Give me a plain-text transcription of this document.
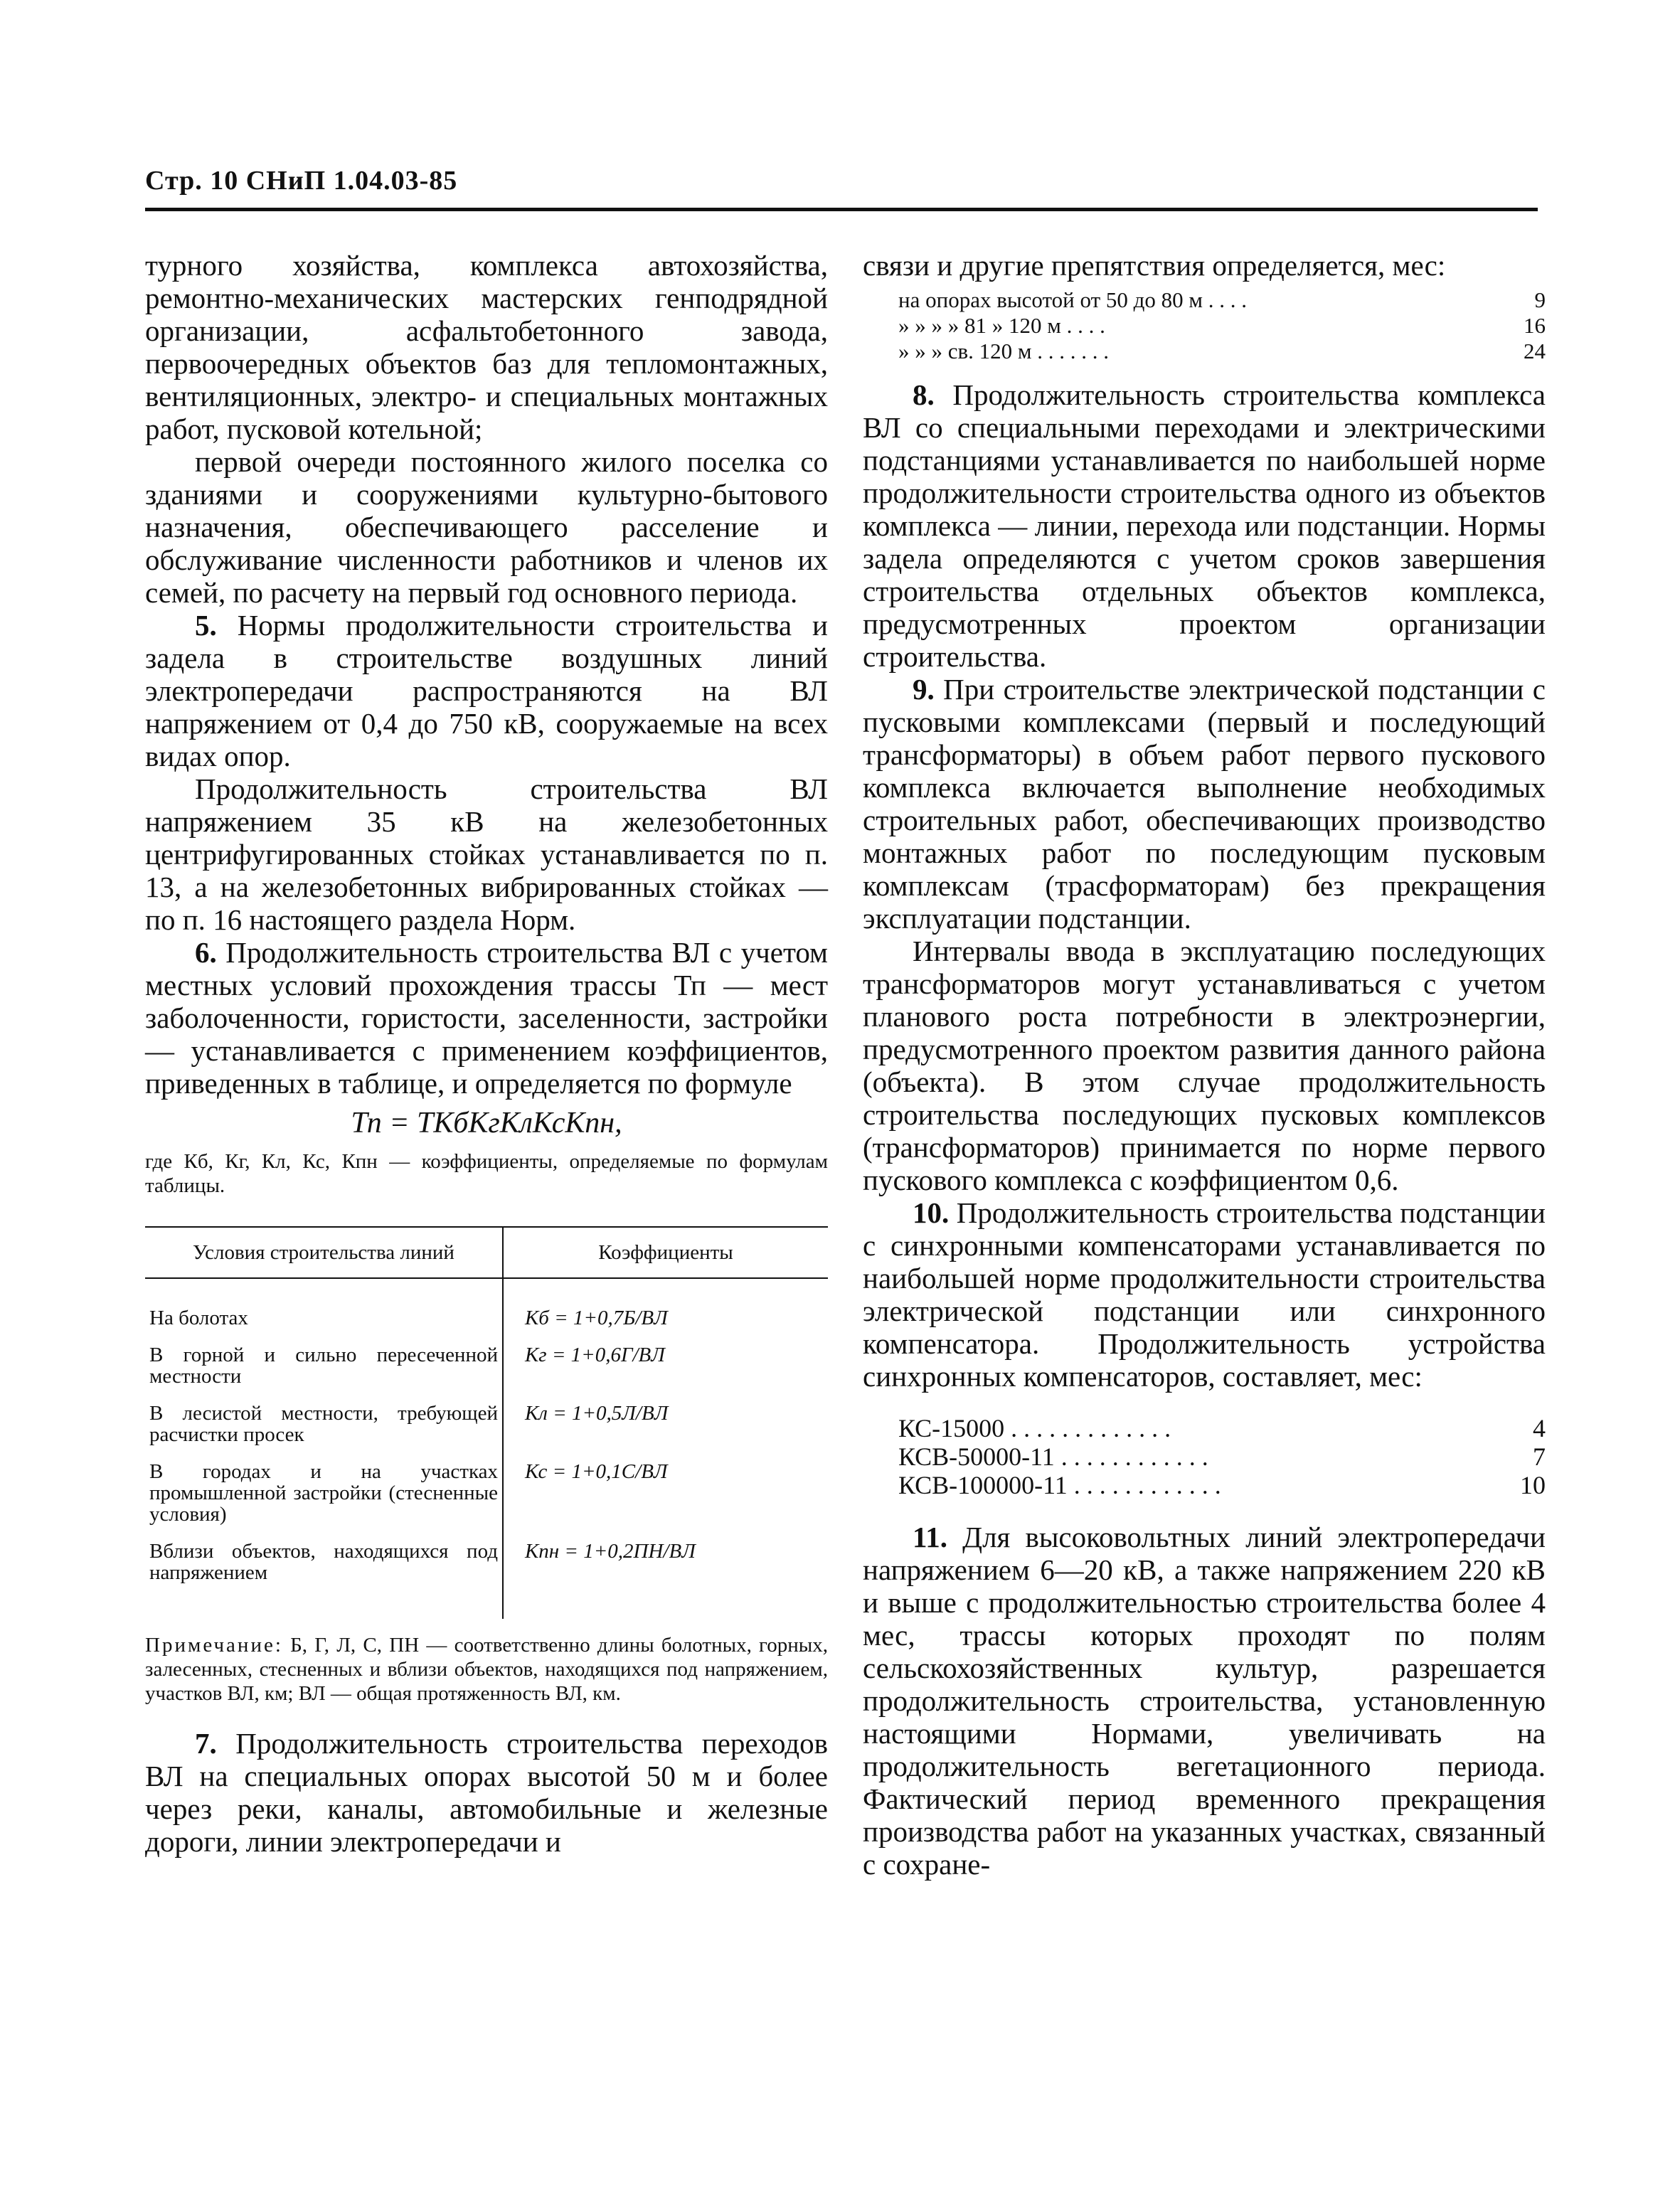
Стр. 10 СНиП 1.04.03-85

турного хозяйства, комплекса автохозяйства, ремонтно-механических мастерских генподрядной организации, асфальтобетонного завода, первоочередных объектов баз для тепломонтажных, вентиляционных, электро- и специальных монтажных работ, пусковой котельной;

первой очереди постоянного жилого поселка со зданиями и сооружениями культурно-бытового назначения, обеспечивающего расселение и обслуживание численности работников и членов их семей, по расчету на первый год основного периода.

5. Нормы продолжительности строительства и задела в строительстве воздушных линий электропередачи распространяются на ВЛ напряжением от 0,4 до 750 кВ, сооружаемые на всех видах опор.

Продолжительность строительства ВЛ напряжением 35 кВ на железобетонных центрифугированных стойках устанавливается по п. 13, а на железобетонных вибрированных стойках — по п. 16 настоящего раздела Норм.

6. Продолжительность строительства ВЛ с учетом местных условий прохождения трассы Тп — мест заболоченности, гористости, заселенности, застройки — устанавливается с применением коэффициентов, приведенных в таблице, и определяется по формуле

Тп = ТКбКгКлКсКпн,

где Кб, Кг, Кл, Кс, Кпн — коэффициенты, определяемые по формулам таблицы.

Условия строительства линий	Коэффициенты
На болотах	Кб = 1+0,7Б/ВЛ
В горной и сильно пересеченной местности	Кг = 1+0,6Г/ВЛ
В лесистой местности, требующей расчистки просек	Кл = 1+0,5Л/ВЛ
В городах и на участках промышленной застройки (стесненные условия)	Кс = 1+0,1С/ВЛ
Вблизи объектов, находящихся под напряжением	Кпн = 1+0,2ПН/ВЛ

Примечание: Б, Г, Л, С, ПН — соответственно длины болотных, горных, залесенных, стесненных и вблизи объектов, находящихся под напряжением, участков ВЛ, км; ВЛ — общая протяженность ВЛ, км.

7. Продолжительность строительства переходов ВЛ на специальных опорах высотой 50 м и более через реки, каналы, автомобильные и железные дороги, линии электропередачи и

связи и другие препятствия определяется, мес:

на опорах высотой от 50 до 80 м . . . .	9
» » » » 81 » 120 м . . . .	16
» » » св. 120 м . . . . . . .	24

8. Продолжительность строительства комплекса ВЛ со специальными переходами и электрическими подстанциями устанавливается по наибольшей норме продолжительности строительства одного из объектов комплекса — линии, перехода или подстанции. Нормы задела определяются с учетом сроков завершения строительства отдельных объектов комплекса, предусмотренных проектом организации строительства.

9. При строительстве электрической подстанции с пусковыми комплексами (первый и последующий трансформаторы) в объем работ первого пускового комплекса включается выполнение необходимых строительных работ, обеспечивающих производство монтажных работ по последующим пусковым комплексам (трасформаторам) без прекращения эксплуатации подстанции.

Интервалы ввода в эксплуатацию последующих трансформаторов могут устанавливаться с учетом планового роста потребности в электроэнергии, предусмотренного проектом развития данного района (объекта). В этом случае продолжительность строительства последующих пусковых комплексов (трансформаторов) принимается по норме первого пускового комплекса с коэффициентом 0,6.

10. Продолжительность строительства подстанции с синхронными компенсаторами устанавливается по наибольшей норме продолжительности строительства электрической подстанции или синхронного компенсатора. Продолжительность устройства синхронных компенсаторов, составляет, мес:

КС-15000 . . . . . . . . . . . . .	4
КСВ-50000-11 . . . . . . . . . . . .	7
КСВ-100000-11 . . . . . . . . . . . .	10

11. Для высоковольтных линий электропередачи напряжением 6—20 кВ, а также напряжением 220 кВ и выше с продолжительностью строительства более 4 мес, трассы которых проходят по полям сельскохозяйственных культур, разрешается продолжительность строительства, установленную настоящими Нормами, увеличивать на продолжительность вегетационного периода. Фактический период временного прекращения производства работ на указанных участках, связанный с сохране-
